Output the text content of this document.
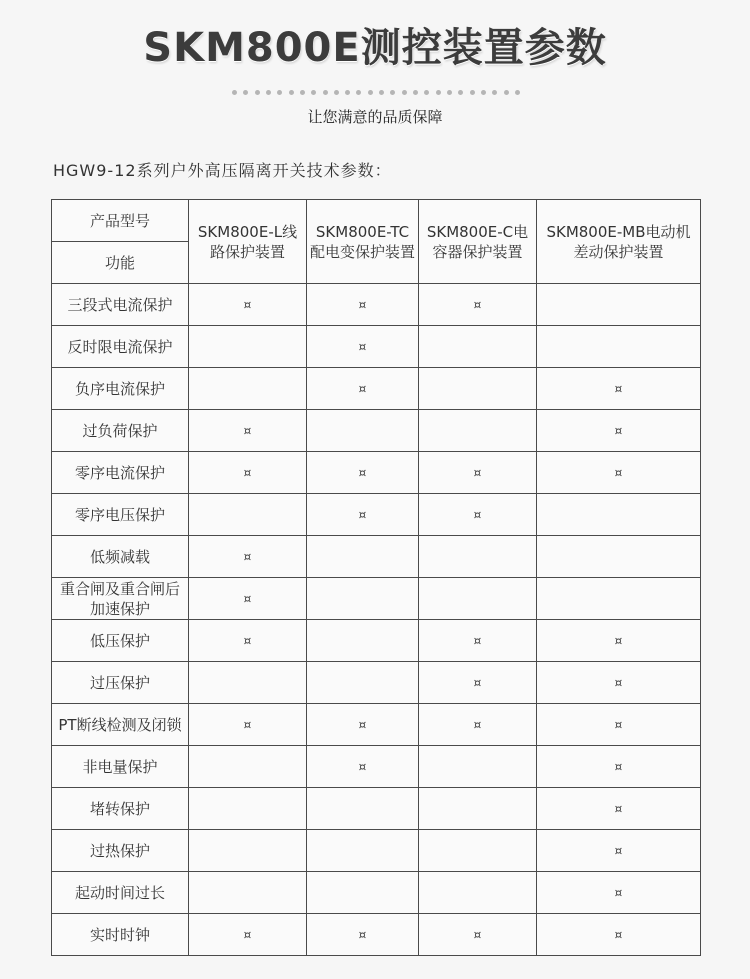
SKM800E测控装置参数
让您满意的品质保障
HGW9-12系列户外高压隔离开关技术参数：
产品型号	SKM800E-L线路保护装置	SKM800E-TC配电变保护装置	SKM800E-C电容器保护装置	SKM800E-MB电动机差动保护装置
功能				
三段式电流保护	¤	¤	¤	
反时限电流保护		¤		
负序电流保护		¤		¤
过负荷保护	¤			¤
零序电流保护	¤	¤	¤	¤
零序电压保护		¤	¤	
低频减载	¤			
重合闸及重合闸后加速保护	¤			
低压保护	¤		¤	¤
过压保护			¤	¤
PT断线检测及闭锁	¤	¤	¤	¤
非电量保护		¤		¤
堵转保护				¤
过热保护				¤
起动时间过长				¤
实时时钟	¤	¤	¤	¤
